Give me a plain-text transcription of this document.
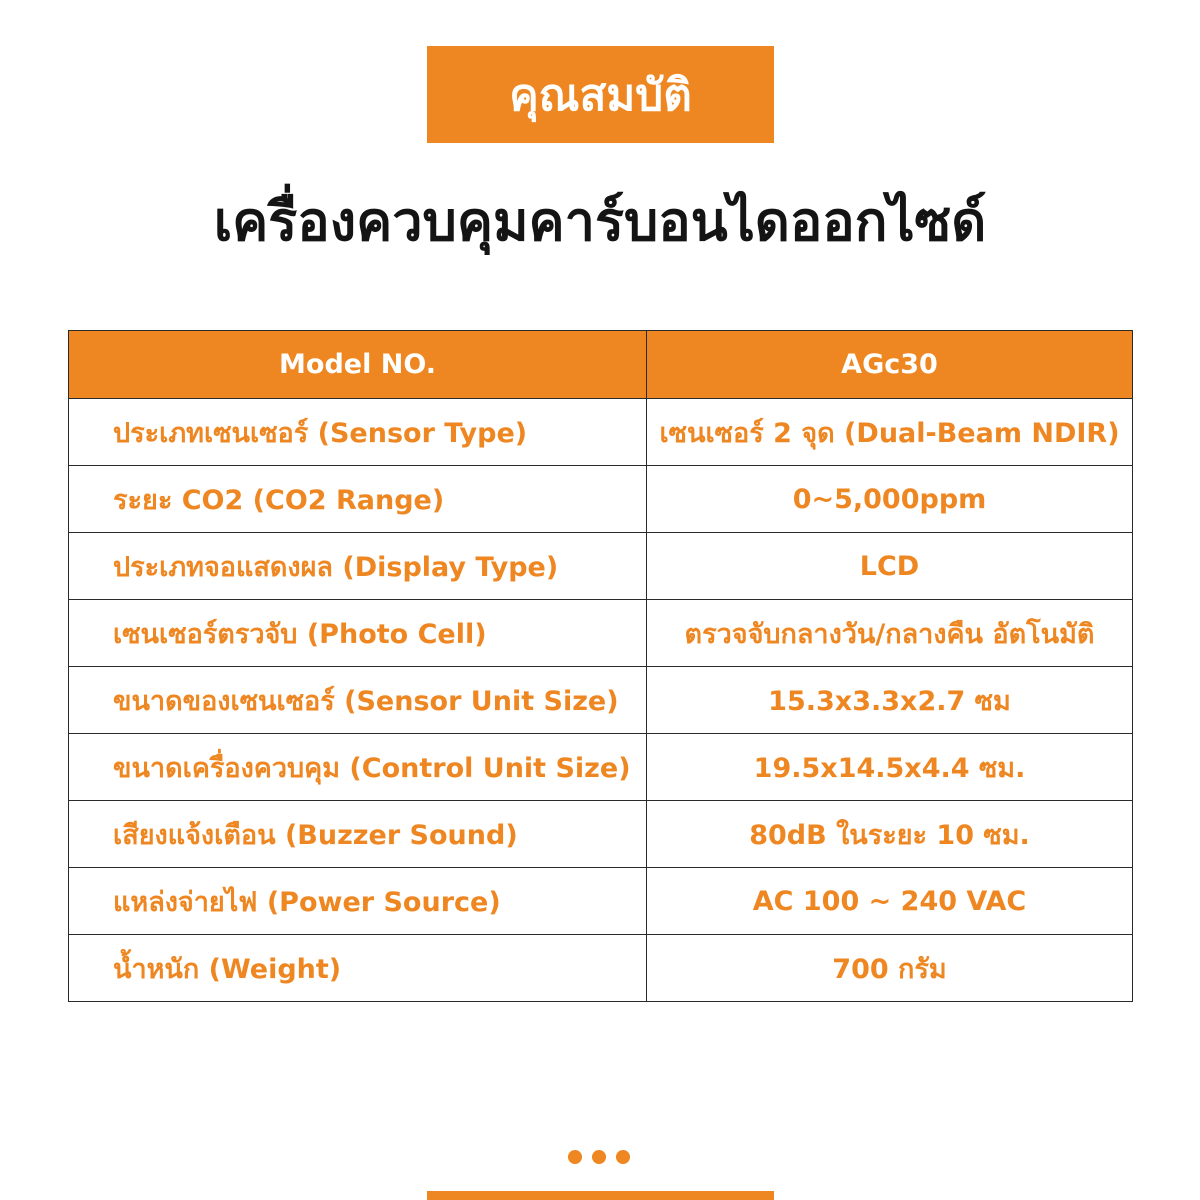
คุณสมบัติ
เครื่องควบคุมคาร์บอนไดออกไซด์
Model NO.	AGc30
ประเภทเซนเซอร์ (Sensor Type)	เซนเซอร์ 2 จุด (Dual-Beam NDIR)
ระยะ CO2 (CO2 Range)	0~5,000ppm
ประเภทจอแสดงผล (Display Type)	LCD
เซนเซอร์ตรวจับ (Photo Cell)	ตรวจจับกลางวัน/กลางคืน อัตโนมัติ
ขนาดของเซนเซอร์ (Sensor Unit Size)	15.3x3.3x2.7 ซม
ขนาดเครื่องควบคุม (Control Unit Size)	19.5x14.5x4.4 ซม.
เสียงแจ้งเตือน (Buzzer Sound)	80dB ในระยะ 10 ซม.
แหล่งจ่ายไฟ (Power Source)	AC 100 ~ 240 VAC
น้ำหนัก (Weight)	700 กรัม
